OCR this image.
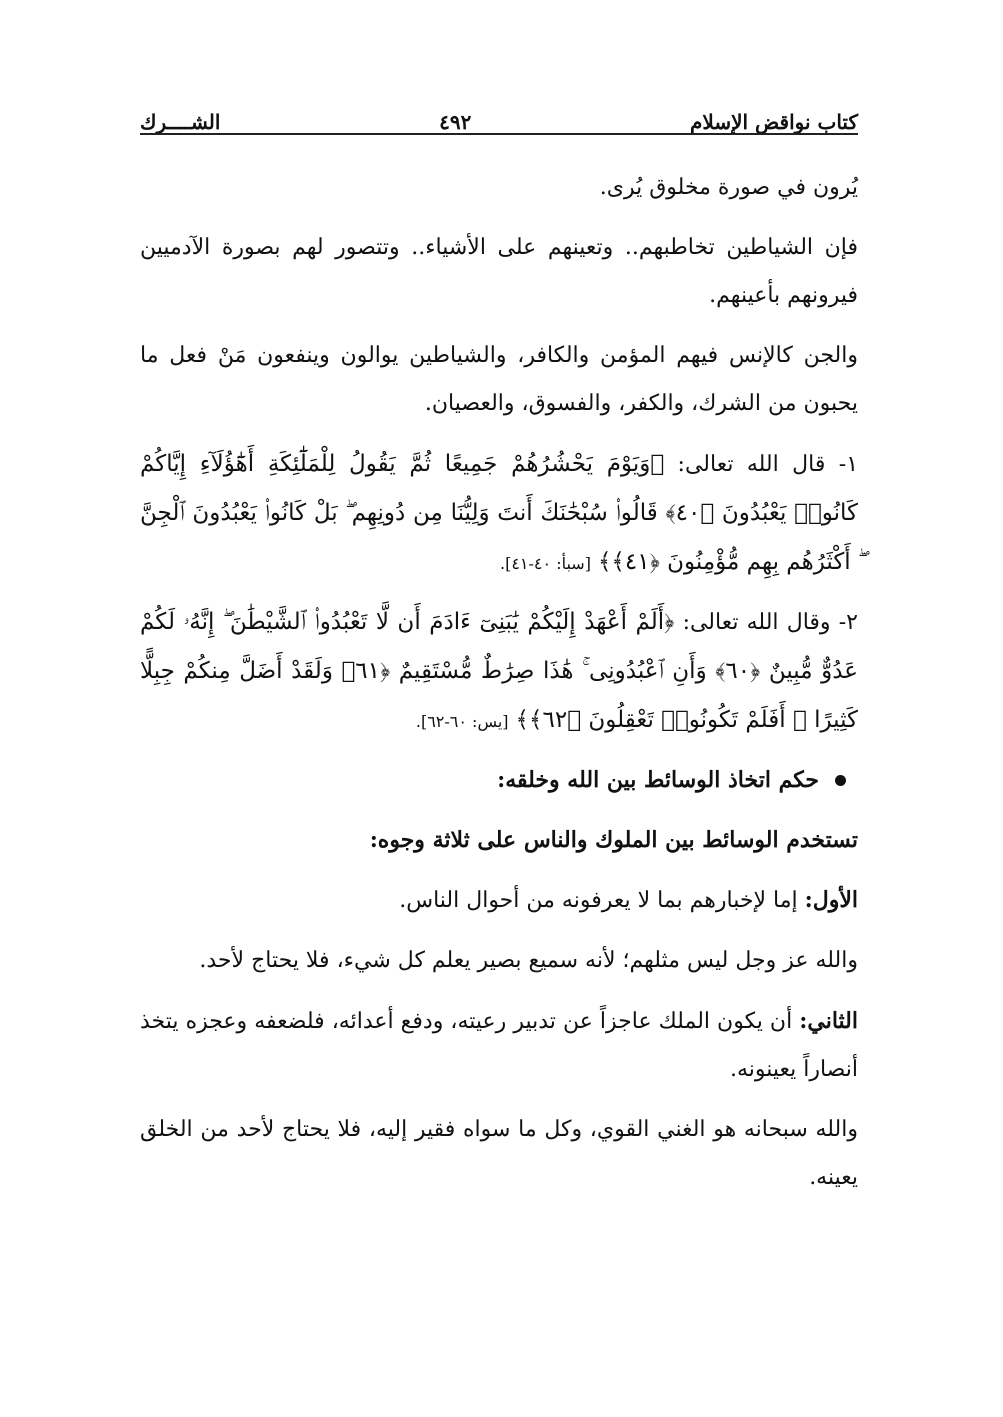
كتاب نواقض الإسلام
٤٩٢
الشــــرك

يُرون في صورة مخلوق يُرى.

فإن الشياطين تخاطبهم.. وتعينهم على الأشياء.. وتتصور لهم بصورة الآدميين فيرونهم بأعينهم.

والجن كالإنس فيهم المؤمن والكافر، والشياطين يوالون وينفعون مَنْ فعل ما يحبون من الشرك، والكفر، والفسوق، والعصيان.

١- قال الله تعالى: ﴿وَيَوْمَ يَحْشُرُهُمْ جَمِيعًا ثُمَّ يَقُولُ لِلْمَلَٰٓئِكَةِ أَهَٰٓؤُلَآءِ إِيَّاكُمْ كَانُوا۟ يَعْبُدُونَ ﴿٤٠﴾ قَالُوا۟ سُبْحَٰنَكَ أَنتَ وَلِيُّنَا مِن دُونِهِم ۖ بَلْ كَانُوا۟ يَعْبُدُونَ ٱلْجِنَّ ۖ أَكْثَرُهُم بِهِم مُّؤْمِنُونَ ﴿٤١﴾﴾ [سبأ: ٤٠-٤١].

٢- وقال الله تعالى: ﴿أَلَمْ أَعْهَدْ إِلَيْكُمْ يَٰبَنِىٓ ءَادَمَ أَن لَّا تَعْبُدُوا۟ ٱلشَّيْطَٰنَ ۖ إِنَّهُۥ لَكُمْ عَدُوٌّ مُّبِينٌ ﴿٦٠﴾ وَأَنِ ٱعْبُدُونِى ۚ هَٰذَا صِرَٰطٌ مُّسْتَقِيمٌ ﴿٦١﴾ وَلَقَدْ أَضَلَّ مِنكُمْ جِبِلًّا كَثِيرًا ۖ أَفَلَمْ تَكُونُوا۟ تَعْقِلُونَ ﴿٦٢﴾﴾ [يس: ٦٠-٦٢].

حكم اتخاذ الوسائط بين الله وخلقه:

تستخدم الوسائط بين الملوك والناس على ثلاثة وجوه:

الأول: إما لإخبارهم بما لا يعرفونه من أحوال الناس.

والله عز وجل ليس مثلهم؛ لأنه سميع بصير يعلم كل شيء، فلا يحتاج لأحد.

الثاني: أن يكون الملك عاجزاً عن تدبير رعيته، ودفع أعدائه، فلضعفه وعجزه يتخذ أنصاراً يعينونه.

والله سبحانه هو الغني القوي، وكل ما سواه فقير إليه، فلا يحتاج لأحد من الخلق يعينه.
